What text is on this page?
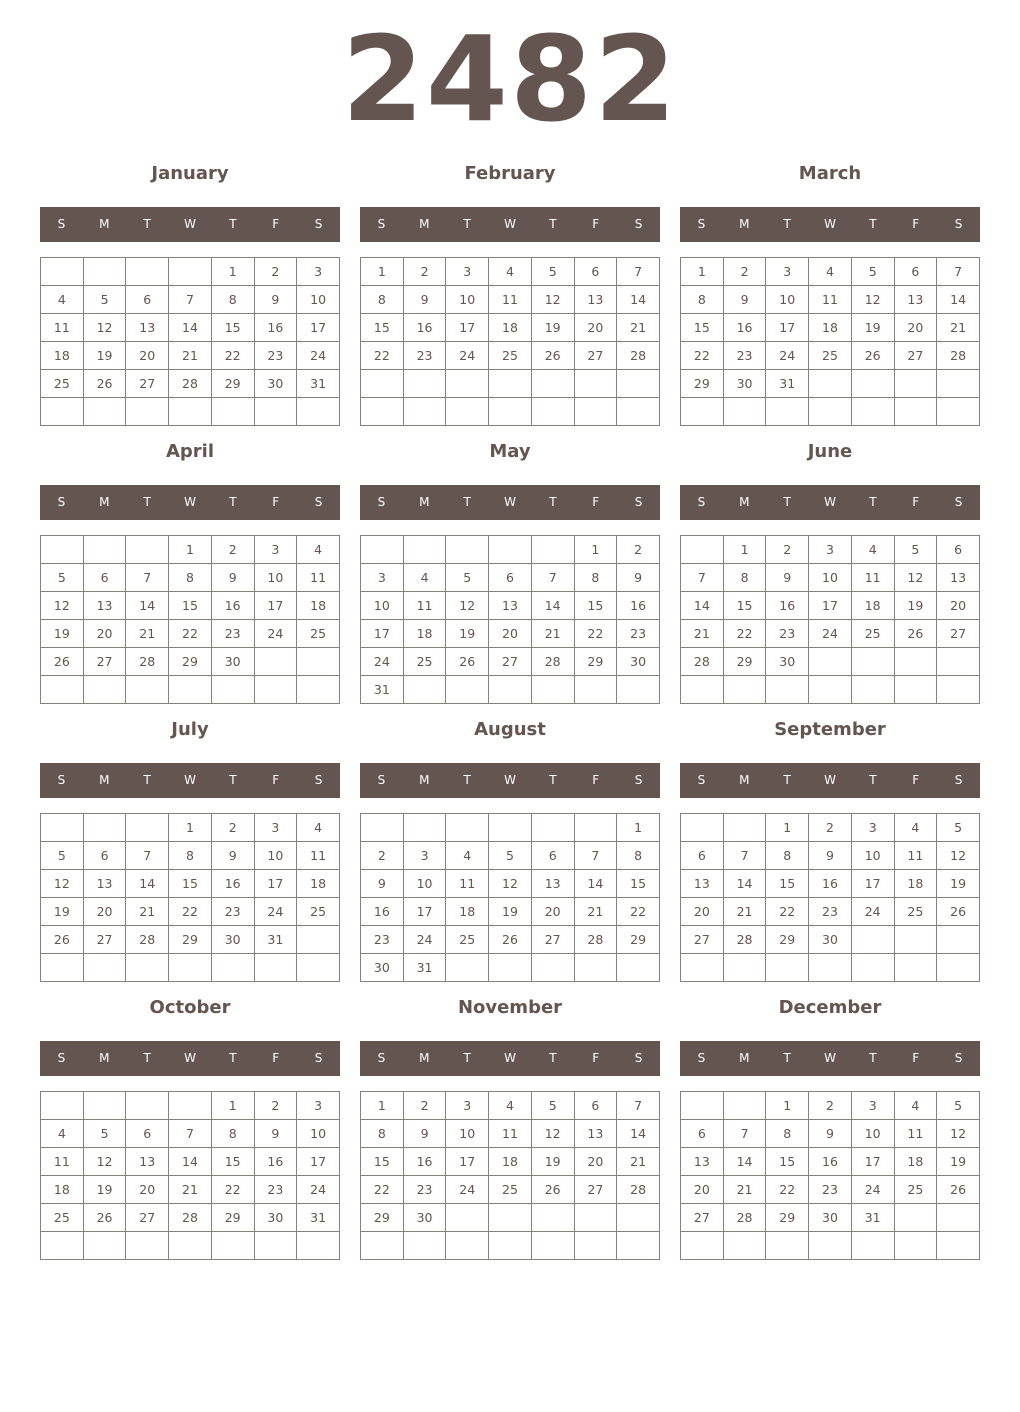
2482
January
S	M	T	W	T	F	S
				1	2	3
4	5	6	7	8	9	10
11	12	13	14	15	16	17
18	19	20	21	22	23	24
25	26	27	28	29	30	31

February
S	M	T	W	T	F	S
1	2	3	4	5	6	7
8	9	10	11	12	13	14
15	16	17	18	19	20	21
22	23	24	25	26	27	28

March
S	M	T	W	T	F	S
1	2	3	4	5	6	7
8	9	10	11	12	13	14
15	16	17	18	19	20	21
22	23	24	25	26	27	28
29	30	31				

April
S	M	T	W	T	F	S
			1	2	3	4
5	6	7	8	9	10	11
12	13	14	15	16	17	18
19	20	21	22	23	24	25
26	27	28	29	30		

May
S	M	T	W	T	F	S
					1	2
3	4	5	6	7	8	9
10	11	12	13	14	15	16
17	18	19	20	21	22	23
24	25	26	27	28	29	30
31						
June
S	M	T	W	T	F	S
	1	2	3	4	5	6
7	8	9	10	11	12	13
14	15	16	17	18	19	20
21	22	23	24	25	26	27
28	29	30				

July
S	M	T	W	T	F	S
			1	2	3	4
5	6	7	8	9	10	11
12	13	14	15	16	17	18
19	20	21	22	23	24	25
26	27	28	29	30	31	

August
S	M	T	W	T	F	S
						1
2	3	4	5	6	7	8
9	10	11	12	13	14	15
16	17	18	19	20	21	22
23	24	25	26	27	28	29
30	31					
September
S	M	T	W	T	F	S
		1	2	3	4	5
6	7	8	9	10	11	12
13	14	15	16	17	18	19
20	21	22	23	24	25	26
27	28	29	30			

October
S	M	T	W	T	F	S
				1	2	3
4	5	6	7	8	9	10
11	12	13	14	15	16	17
18	19	20	21	22	23	24
25	26	27	28	29	30	31

November
S	M	T	W	T	F	S
1	2	3	4	5	6	7
8	9	10	11	12	13	14
15	16	17	18	19	20	21
22	23	24	25	26	27	28
29	30					

December
S	M	T	W	T	F	S
		1	2	3	4	5
6	7	8	9	10	11	12
13	14	15	16	17	18	19
20	21	22	23	24	25	26
27	28	29	30	31		
